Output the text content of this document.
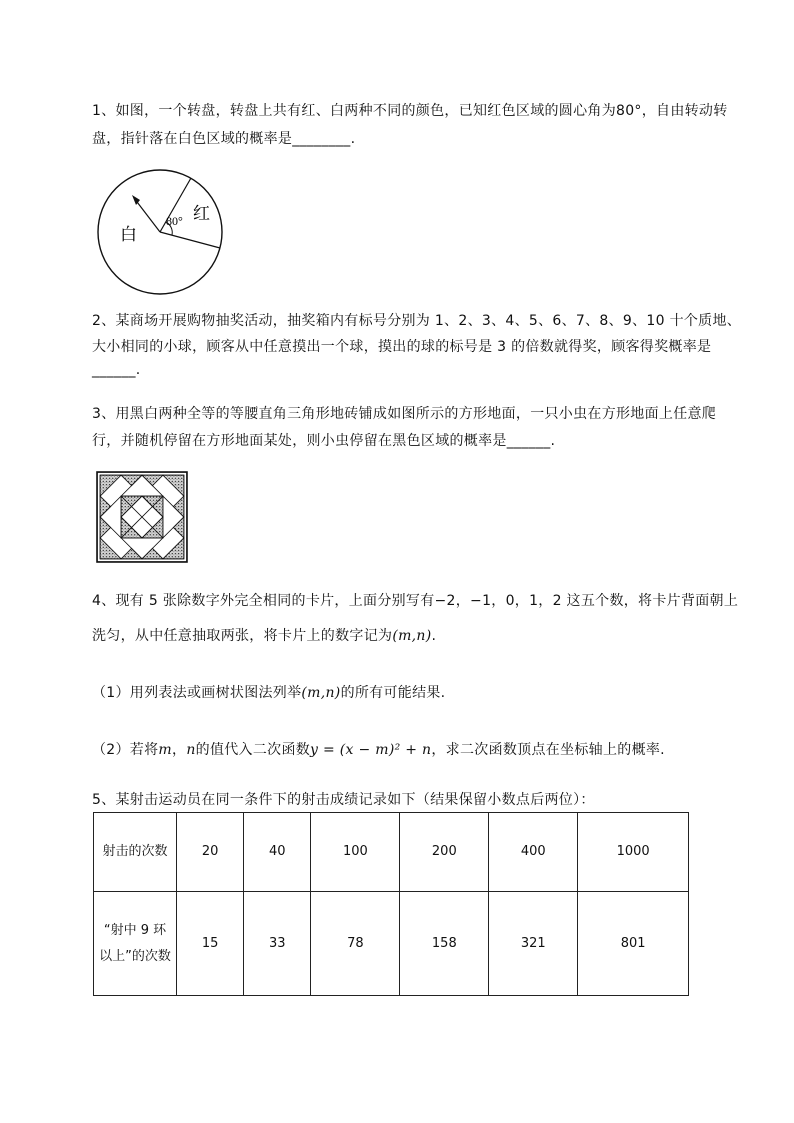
1、如图，一个转盘，转盘上共有红、白两种不同的颜色，已知红色区域的圆心角为80°，自由转动转
盘，指针落在白色区域的概率是________.
80° 红
白
2、某商场开展购物抽奖活动，抽奖箱内有标号分别为 1、2、3、4、5、6、7、8、9、10 十个质地、
大小相同的小球，顾客从中任意摸出一个球，摸出的球的标号是 3 的倍数就得奖，顾客得奖概率是
______.
3、用黑白两种全等的等腰直角三角形地砖铺成如图所示的方形地面，一只小虫在方形地面上任意爬
行，并随机停留在方形地面某处，则小虫停留在黑色区域的概率是______.
4、现有 5 张除数字外完全相同的卡片，上面分别写有−2，−1，0，1，2 这五个数，将卡片背面朝上
洗匀，从中任意抽取两张，将卡片上的数字记为(m,n).
（1）用列表法或画树状图法列举(m,n)的所有可能结果.
（2）若将m，n的值代入二次函数y = (x − m)² + n，求二次函数顶点在坐标轴上的概率.
5、某射击运动员在同一条件下的射击成绩记录如下（结果保留小数点后两位）：
射击的次数	20	40	100	200	400	1000
“射中 9 环以上”的次数	15	33	78	158	321	801
